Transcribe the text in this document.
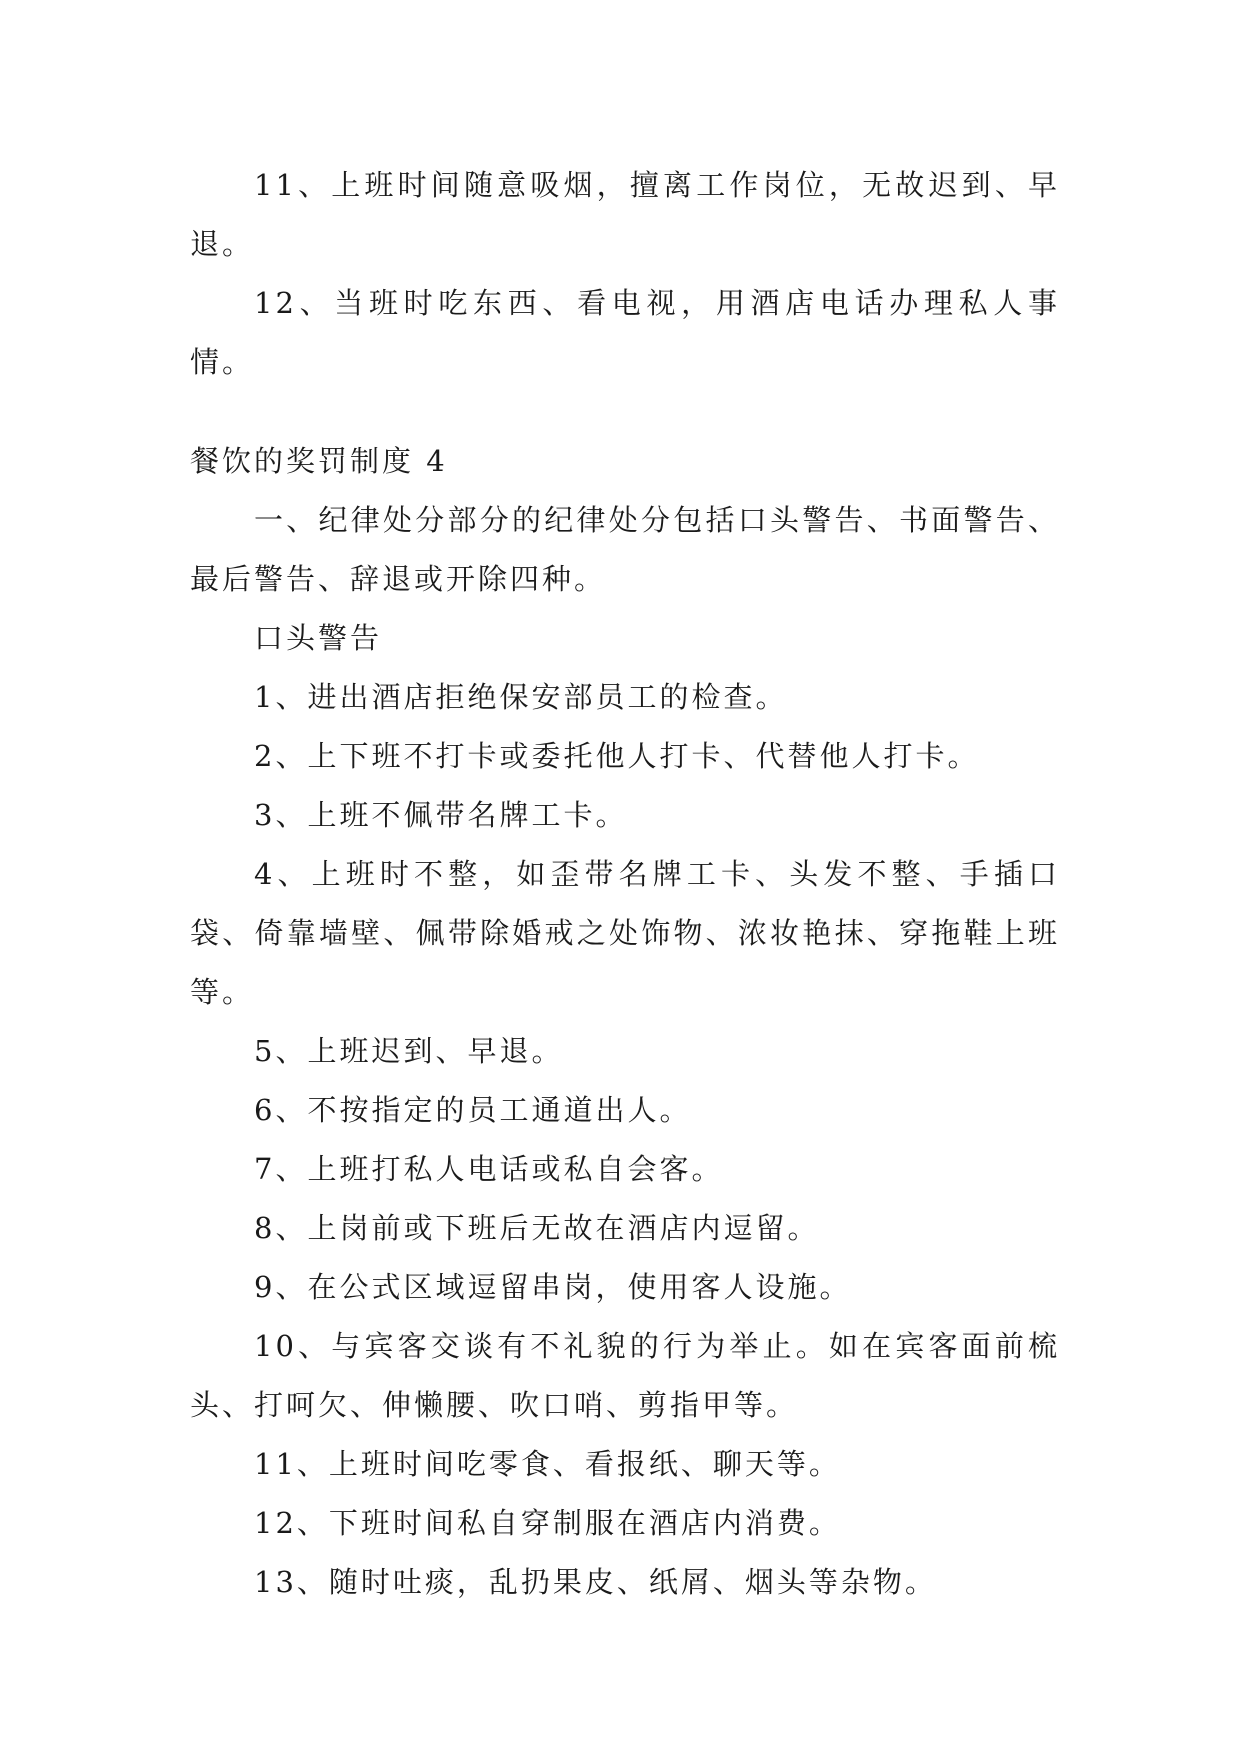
11、上班时间随意吸烟，擅离工作岗位，无故迟到、早退。

12、当班时吃东西、看电视，用酒店电话办理私人事情。

餐饮的奖罚制度 4

一、纪律处分部分的纪律处分包括口头警告、书面警告、最后警告、辞退或开除四种。

口头警告

1、进出酒店拒绝保安部员工的检查。

2、上下班不打卡或委托他人打卡、代替他人打卡。

3、上班不佩带名牌工卡。

4、上班时不整，如歪带名牌工卡、头发不整、手插口袋、倚靠墙壁、佩带除婚戒之处饰物、浓妆艳抹、穿拖鞋上班等。

5、上班迟到、早退。

6、不按指定的员工通道出人。

7、上班打私人电话或私自会客。

8、上岗前或下班后无故在酒店内逗留。

9、在公式区域逗留串岗，使用客人设施。

10、与宾客交谈有不礼貌的行为举止。如在宾客面前梳头、打呵欠、伸懒腰、吹口哨、剪指甲等。

11、上班时间吃零食、看报纸、聊天等。

12、下班时间私自穿制服在酒店内消费。

13、随时吐痰，乱扔果皮、纸屑、烟头等杂物。
